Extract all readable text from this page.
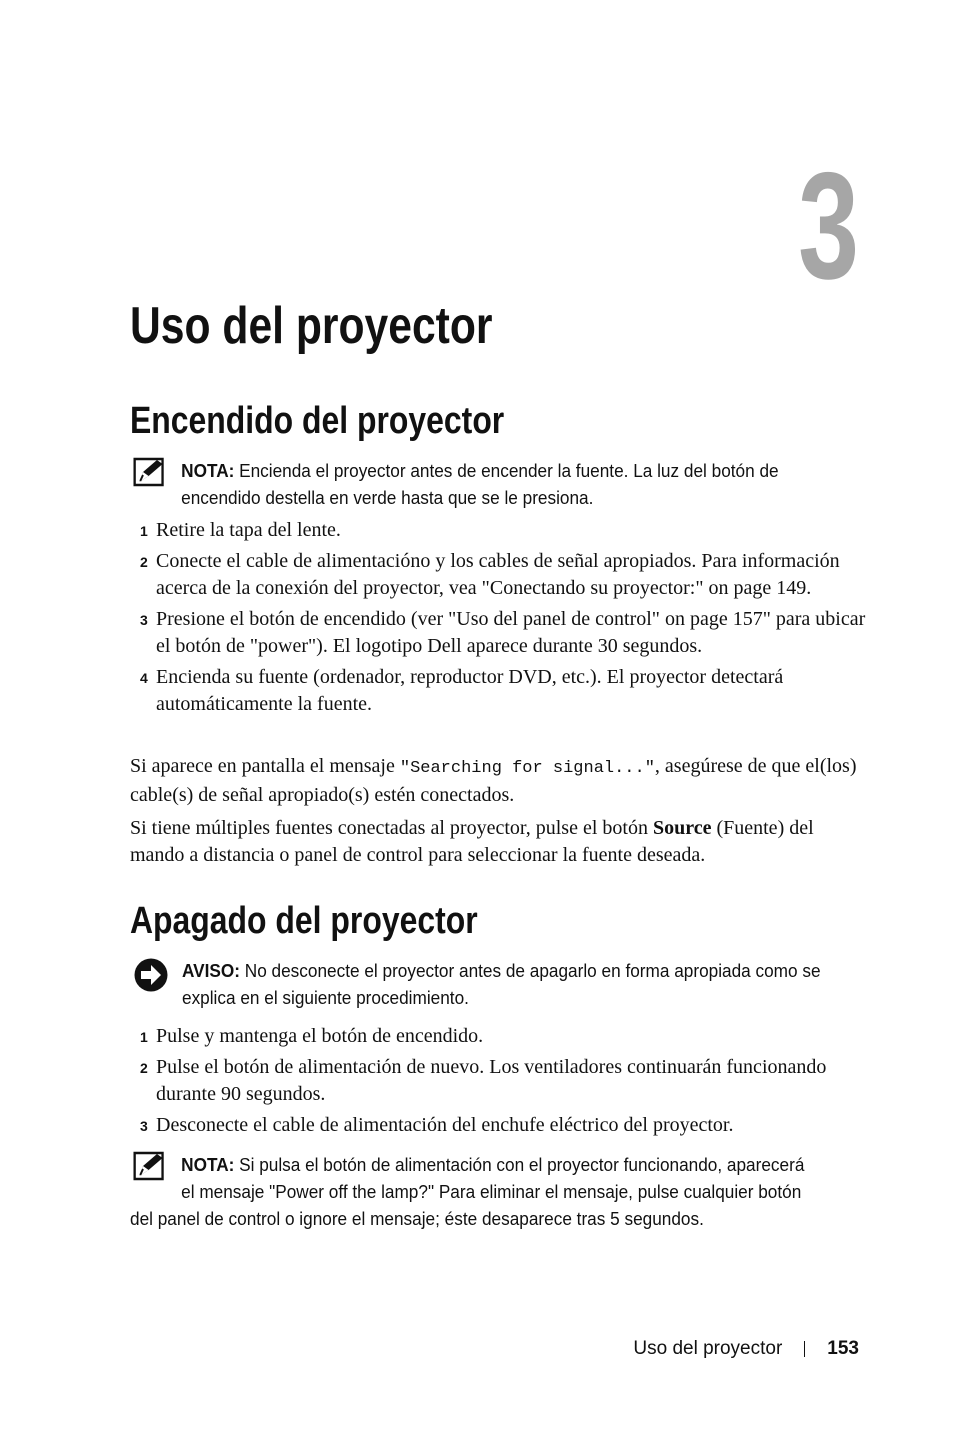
3
Uso del proyector
Encendido del proyector
NOTA: Encienda el proyector antes de encender la fuente. La luz del botón de encendido destella en verde hasta que se le presiona.
1 Retire la tapa del lente.
2 Conecte el cable de alimentacióno y los cables de señal apropiados. Para información acerca de la conexión del proyector, vea "Conectando su proyector:" on page 149.
3 Presione el botón de encendido (ver "Uso del panel de control" on page 157" para ubicar el botón de "power"). El logotipo Dell aparece durante 30 segundos.
4 Encienda su fuente (ordenador, reproductor DVD, etc.). El proyector detectará automáticamente la fuente.

Si aparece en pantalla el mensaje "Searching for signal...", asegúrese de que el(los) cable(s) de señal apropiado(s) estén conectados.

Si tiene múltiples fuentes conectadas al proyector, pulse el botón Source (Fuente) del mando a distancia o panel de control para seleccionar la fuente deseada.

Apagado del proyector
AVISO: No desconecte el proyector antes de apagarlo en forma apropiada como se explica en el siguiente procedimiento.
1 Pulse y mantenga el botón de encendido.
2 Pulse el botón de alimentación de nuevo. Los ventiladores continuarán funcionando durante 90 segundos.
3 Desconecte el cable de alimentación del enchufe eléctrico del proyector.
NOTA: Si pulsa el botón de alimentación con el proyector funcionando, aparecerá el mensaje "Power off the lamp?" Para eliminar el mensaje, pulse cualquier botón del panel de control o ignore el mensaje; éste desaparece tras 5 segundos.
Uso del proyector 153
